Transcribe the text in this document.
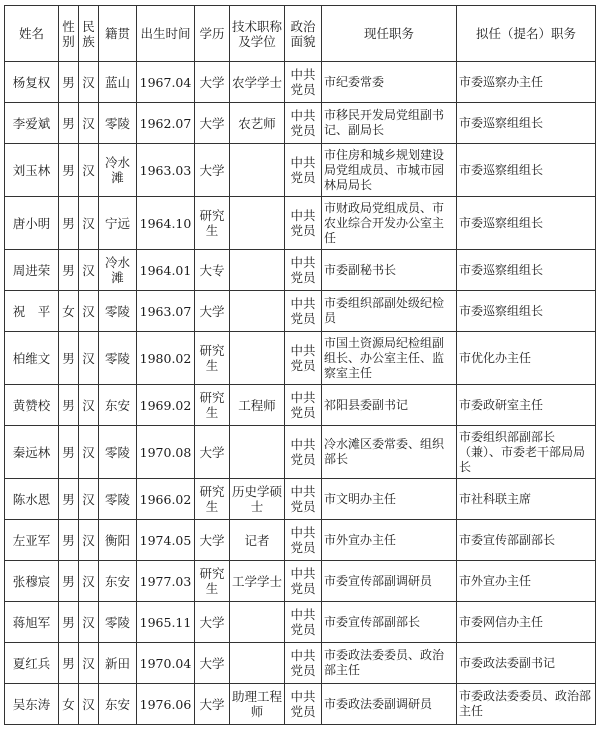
姓名	性别	民族	籍贯	出生时间	学历	技术职称及学位	政治面貌	现任职务	拟任（提名）职务
杨复权	男	汉	蓝山	1967.04	大学	农学学士	中共党员	市纪委常委	市委巡察办主任
李爱斌	男	汉	零陵	1962.07	大学	农艺师	中共党员	市移民开发局党组副书记、副局长	市委巡察组组长
刘玉林	男	汉	冷水滩	1963.03	大学		中共党员	市住房和城乡规划建设局党组成员、市城市园林局局长	市委巡察组组长
唐小明	男	汉	宁远	1964.10	研究生		中共党员	市财政局党组成员、市农业综合开发办公室主任	市委巡察组组长
周进荣	男	汉	冷水滩	1964.01	大专		中共党员	市委副秘书长	市委巡察组组长
祝　平	女	汉	零陵	1963.07	大学		中共党员	市委组织部副处级纪检员	市委巡察组组长
柏维文	男	汉	零陵	1980.02	研究生		中共党员	市国土资源局纪检组副组长、办公室主任、监察室主任	市优化办主任
黄赞校	男	汉	东安	1969.02	研究生	工程师	中共党员	祁阳县委副书记	市委政研室主任
秦远林	男	汉	零陵	1970.08	大学		中共党员	冷水滩区委常委、组织部长	市委组织部副部长（兼）、市委老干部局局长
陈水恩	男	汉	零陵	1966.02	研究生	历史学硕士	中共党员	市文明办主任	市社科联主席
左亚军	男	汉	衡阳	1974.05	大学	记者	中共党员	市外宣办主任	市委宣传部副部长
张穆宸	男	汉	东安	1977.03	研究生	工学学士	中共党员	市委宣传部副调研员	市外宣办主任
蒋旭军	男	汉	零陵	1965.11	大学		中共党员	市委宣传部副部长	市委网信办主任
夏红兵	男	汉	新田	1970.04	大学		中共党员	市委政法委委员、政治部主任	市委政法委副书记
吴东涛	女	汉	东安	1976.06	大学	助理工程师	中共党员	市委政法委副调研员	市委政法委委员、政治部主任
